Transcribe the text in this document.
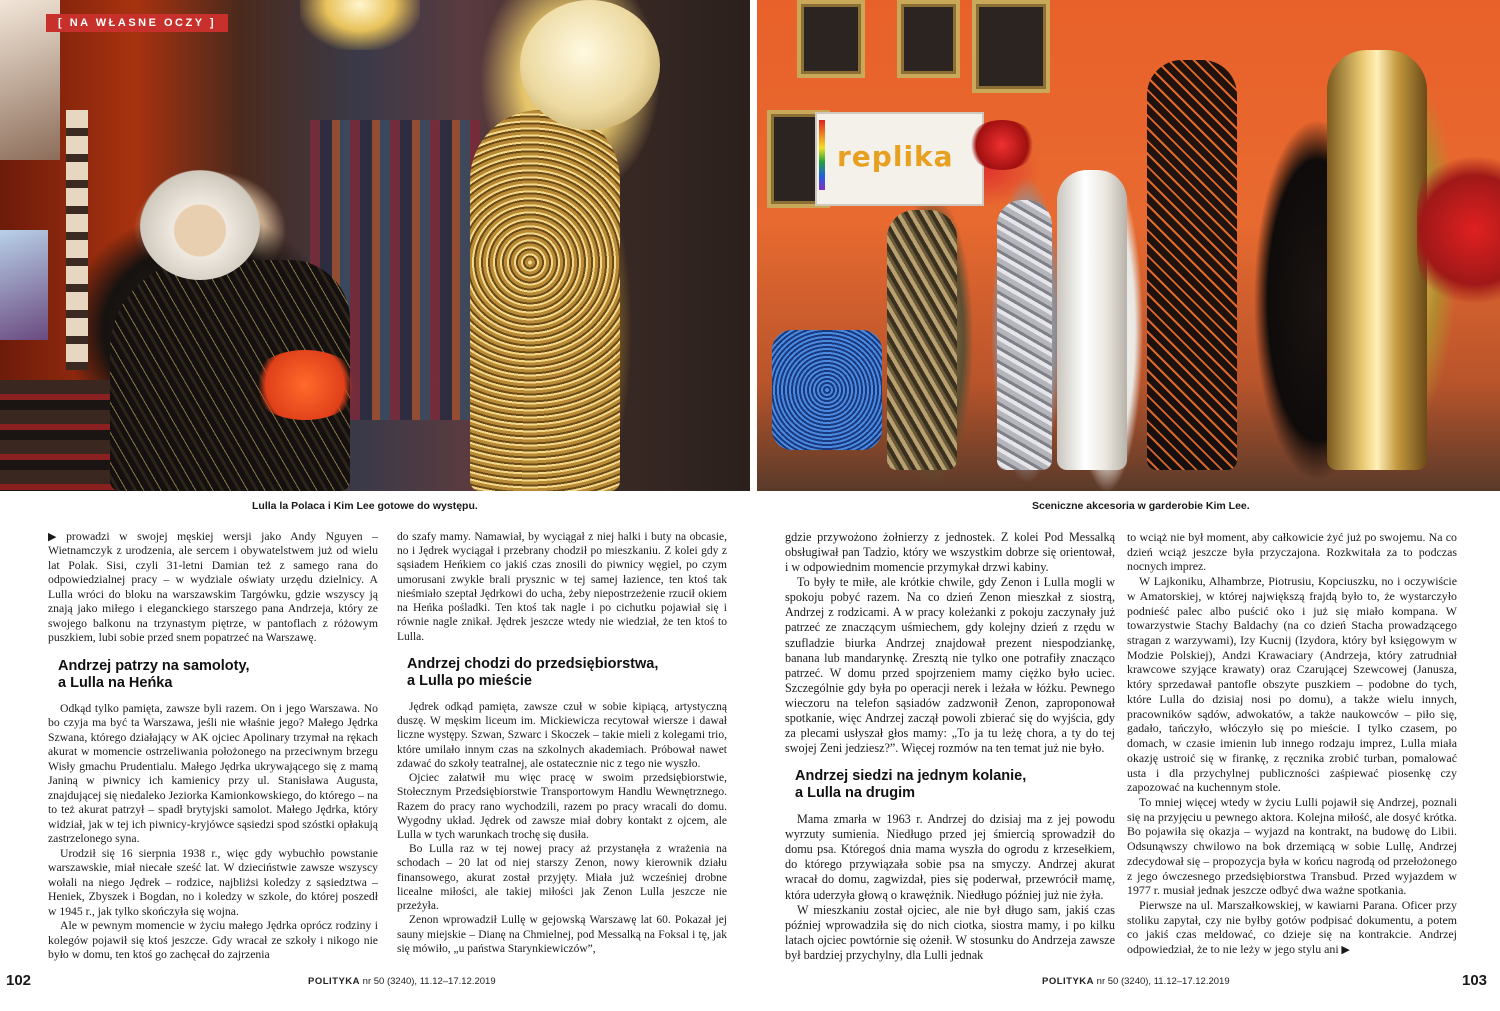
[ NA WŁASNE OCZY ]
replika
Lulla la Polaca i Kim Lee gotowe do występu.	Sceniczne akcesoria w garderobie Kim Lee.

▶ prowadzi w swojej męskiej wersji jako Andy Nguyen – Wietnamczyk z urodzenia, ale sercem i obywatelstwem już od wielu lat Polak. Sisi, czyli 31-letni Damian też z samego rana do odpowiedzialnej pracy – w wydziale oświaty urzędu dzielnicy. A Lulla wróci do bloku na warszawskim Targówku, gdzie wszyscy ją znają jako miłego i eleganckiego starszego pana Andrzeja, który ze swojego balkonu na trzynastym piętrze, w pantoflach z różowym puszkiem, lubi sobie przed snem popatrzeć na Warszawę.

Andrzej patrzy na samoloty,
a Lulla na Heńka

Odkąd tylko pamięta, zawsze byli razem. On i jego Warszawa. No bo czyja ma być ta Warszawa, jeśli nie właśnie jego? Małego Jędrka Szwana, którego działający w AK ojciec Apolinary trzymał na rękach akurat w momencie ostrzeliwania położonego na przeciwnym brzegu Wisły gmachu Prudentialu. Małego Jędrka ukrywającego się z mamą Janiną w piwnicy ich kamienicy przy ul. Stanisława Augusta, znajdującej się niedaleko Jeziorka Kamionkowskiego, do którego – na to też akurat patrzył – spadł brytyjski samolot. Małego Jędrka, który widział, jak w tej ich piwnicy-kryjówce sąsiedzi spod szóstki opłakują zastrzelonego syna.

Urodził się 16 sierpnia 1938 r., więc gdy wybuchło powstanie warszawskie, miał niecałe sześć lat. W dzieciństwie zawsze wszyscy wołali na niego Jędrek – rodzice, najbliżsi koledzy z sąsiedztwa – Heniek, Zbyszek i Bogdan, no i koledzy w szkole, do której poszedł w 1945 r., jak tylko skończyła się wojna.

Ale w pewnym momencie w życiu małego Jędrka oprócz rodziny i kolegów pojawił się ktoś jeszcze. Gdy wracał ze szkoły i nikogo nie było w domu, ten ktoś go zachęcał do zajrzenia

do szafy mamy. Namawiał, by wyciągał z niej halki i buty na obcasie, no i Jędrek wyciągał i przebrany chodził po mieszkaniu. Z kolei gdy z sąsiadem Heńkiem co jakiś czas znosili do piwnicy węgiel, po czym umorusani zwykle brali prysznic w tej samej łazience, ten ktoś tak nieśmiało szeptał Jędrkowi do ucha, żeby niepostrzeżenie rzucił okiem na Heńka pośladki. Ten ktoś tak nagle i po cichutku pojawiał się i równie nagle znikał. Jędrek jeszcze wtedy nie wiedział, że ten ktoś to Lulla.

Andrzej chodzi do przedsiębiorstwa,
a Lulla po mieście

Jędrek odkąd pamięta, zawsze czuł w sobie kipiącą, artystyczną duszę. W męskim liceum im. Mickiewicza recytował wiersze i dawał liczne występy. Szwan, Szwarc i Skoczek – takie mieli z kolegami trio, które umilało innym czas na szkolnych akademiach. Próbował nawet zdawać do szkoły teatralnej, ale ostatecznie nic z tego nie wyszło.

Ojciec załatwił mu więc pracę w swoim przedsiębiorstwie, Stołecznym Przedsiębiorstwie Transportowym Handlu Wewnętrznego. Razem do pracy rano wychodzili, razem po pracy wracali do domu. Wygodny układ. Jędrek od zawsze miał dobry kontakt z ojcem, ale Lulla w tych warunkach trochę się dusiła.

Bo Lulla raz w tej nowej pracy aż przystanęła z wrażenia na schodach – 20 lat od niej starszy Zenon, nowy kierownik działu finansowego, akurat został przyjęty. Miała już wcześniej drobne licealne miłości, ale takiej miłości jak Zenon Lulla jeszcze nie przeżyła.

Zenon wprowadził Lullę w gejowską Warszawę lat 60. Pokazał jej sauny miejskie – Dianę na Chmielnej, pod Messalką na Foksal i tę, jak się mówiło, „u państwa Starynkiewiczów”,

gdzie przywożono żołnierzy z jednostek. Z kolei Pod Messalką obsługiwał pan Tadzio, który we wszystkim dobrze się orientował, i w odpowiednim momencie przymykał drzwi kabiny.

To były te miłe, ale krótkie chwile, gdy Zenon i Lulla mogli w spokoju pobyć razem. Na co dzień Zenon mieszkał z siostrą, Andrzej z rodzicami. A w pracy koleżanki z pokoju zaczynały już patrzeć ze znaczącym uśmiechem, gdy kolejny dzień z rzędu w szufladzie biurka Andrzej znajdował prezent niespodziankę, banana lub mandarynkę. Zresztą nie tylko one potrafiły znacząco patrzeć. W domu przed spojrzeniem mamy ciężko było uciec. Szczególnie gdy była po operacji nerek i leżała w łóżku. Pewnego wieczoru na telefon sąsiadów zadzwonił Zenon, zaproponował spotkanie, więc Andrzej zaczął powoli zbierać się do wyjścia, gdy za plecami usłyszał głos mamy: „To ja tu leżę chora, a ty do tej swojej Zeni jedziesz?”. Więcej rozmów na ten temat już nie było.

Andrzej siedzi na jednym kolanie,
a Lulla na drugim

Mama zmarła w 1963 r. Andrzej do dzisiaj ma z jej powodu wyrzuty sumienia. Niedługo przed jej śmiercią sprowadził do domu psa. Któregoś dnia mama wyszła do ogrodu z krzesełkiem, do którego przywiązała sobie psa na smyczy. Andrzej akurat wracał do domu, zagwizdał, pies się poderwał, przewrócił mamę, która uderzyła głową o krawężnik. Niedługo później już nie żyła.

W mieszkaniu został ojciec, ale nie był długo sam, jakiś czas później wprowadziła się do nich ciotka, siostra mamy, i po kilku latach ojciec powtórnie się ożenił. W stosunku do Andrzeja zawsze był bardziej przychylny, dla Lulli jednak

to wciąż nie był moment, aby całkowicie żyć już po swojemu. Na co dzień wciąż jeszcze była przyczajona. Rozkwitała za to podczas nocnych imprez.

W Lajkoniku, Alhambrze, Piotrusiu, Kopciuszku, no i oczywiście w Amatorskiej, w której największą frajdą było to, że wystarczyło podnieść palec albo puścić oko i już się miało kompana. W towarzystwie Stachy Baldachy (na co dzień Stacha prowadzącego stragan z warzywami), Izy Kucnij (Izydora, który był księgowym w Modzie Polskiej), Andzi Krawaciary (Andrzeja, który zatrudniał krawcowe szyjące krawaty) oraz Czarującej Szewcowej (Janusza, który sprzedawał pantofle obszyte puszkiem – podobne do tych, które Lulla do dzisiaj nosi po domu), a także wielu innych, pracowników sądów, adwokatów, a także naukowców – piło się, gadało, tańczyło, włóczyło się po mieście. I tylko czasem, po domach, w czasie imienin lub innego rodzaju imprez, Lulla miała okazję ustroić się w firankę, z ręcznika zrobić turban, pomalować usta i dla przychylnej publiczności zaśpiewać piosenkę czy zapozować na kuchennym stole.

To mniej więcej wtedy w życiu Lulli pojawił się Andrzej, poznali się na przyjęciu u pewnego aktora. Kolejna miłość, ale dosyć krótka. Bo pojawiła się okazja – wyjazd na kontrakt, na budowę do Libii. Odsunąwszy chwilowo na bok drzemiącą w sobie Lullę, Andrzej zdecydował się – propozycja była w końcu nagrodą od przełożonego z jego ówczesnego przedsiębiorstwa Transbud. Przed wyjazdem w 1977 r. musiał jednak jeszcze odbyć dwa ważne spotkania.

Pierwsze na ul. Marszałkowskiej, w kawiarni Parana. Oficer przy stoliku zapytał, czy nie byłby gotów podpisać dokumentu, a potem co jakiś czas meldować, co dzieje się na kontrakcie. Andrzej odpowiedział, że to nie leży w jego stylu ani ▶

102	POLITYKA nr 50 (3240), 11.12–17.12.2019	POLITYKA nr 50 (3240), 11.12–17.12.2019	103
